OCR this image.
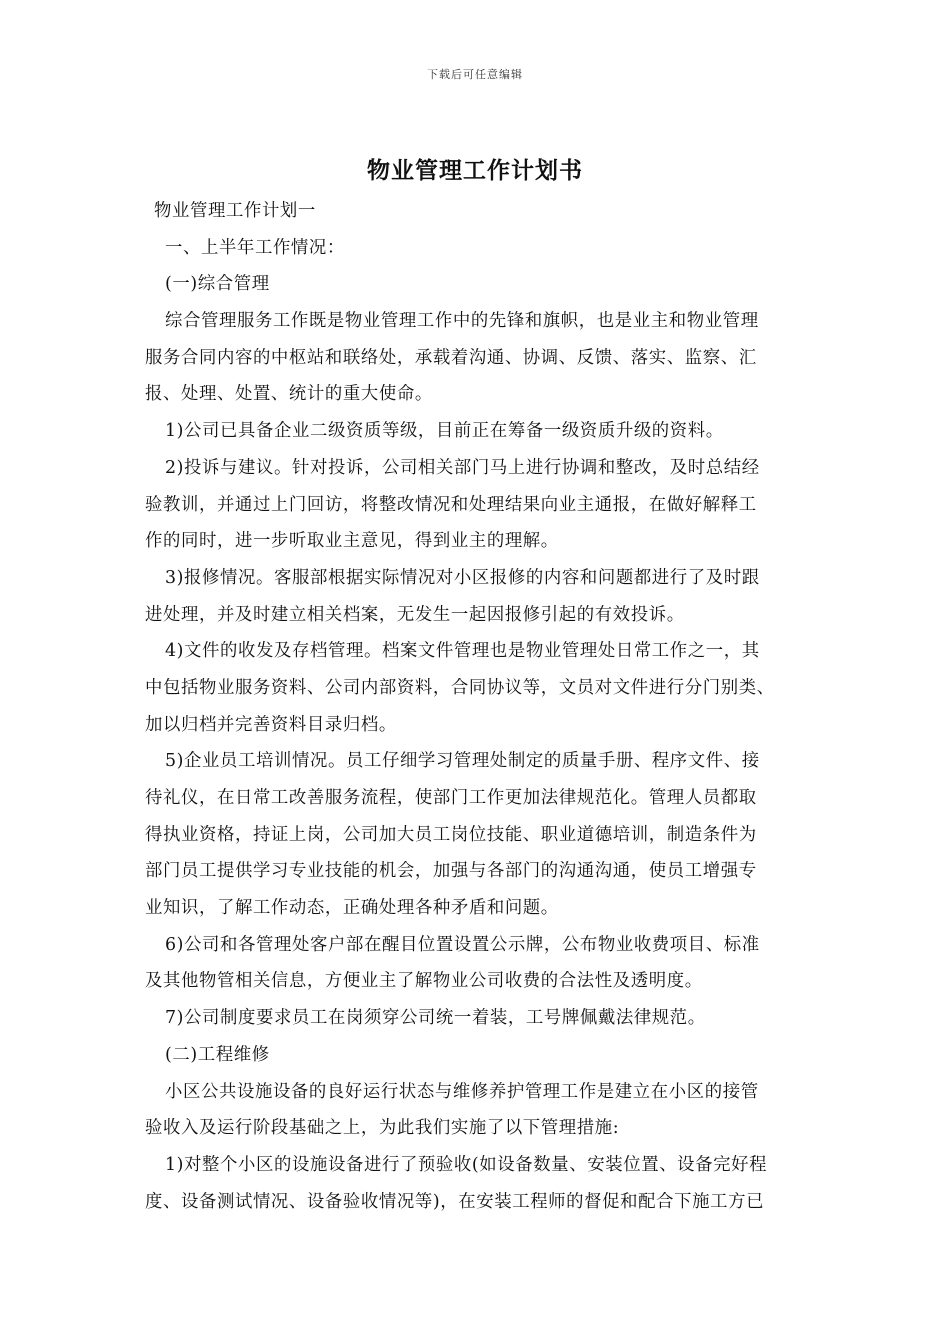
下载后可任意编辑
物业管理工作计划书
物业管理工作计划一
一、上半年工作情况：
(一)综合管理
综合管理服务工作既是物业管理工作中的先锋和旗帜，也是业主和物业管理
服务合同内容的中枢站和联络处，承载着沟通、协调、反馈、落实、监察、汇
报、处理、处置、统计的重大使命。
1)公司已具备企业二级资质等级，目前正在筹备一级资质升级的资料。
2)投诉与建议。针对投诉，公司相关部门马上进行协调和整改，及时总结经
验教训，并通过上门回访，将整改情况和处理结果向业主通报，在做好解释工
作的同时，进一步听取业主意见，得到业主的理解。
3)报修情况。客服部根据实际情况对小区报修的内容和问题都进行了及时跟
进处理，并及时建立相关档案，无发生一起因报修引起的有效投诉。
4)文件的收发及存档管理。档案文件管理也是物业管理处日常工作之一，其
中包括物业服务资料、公司内部资料，合同协议等，文员对文件进行分门别类、
加以归档并完善资料目录归档。
5)企业员工培训情况。员工仔细学习管理处制定的质量手册、程序文件、接
待礼仪，在日常工改善服务流程，使部门工作更加法律规范化。管理人员都取
得执业资格，持证上岗，公司加大员工岗位技能、职业道德培训，制造条件为
部门员工提供学习专业技能的机会，加强与各部门的沟通沟通，使员工增强专
业知识，了解工作动态，正确处理各种矛盾和问题。
6)公司和各管理处客户部在醒目位置设置公示牌，公布物业收费项目、标准
及其他物管相关信息，方便业主了解物业公司收费的合法性及透明度。
7)公司制度要求员工在岗须穿公司统一着装，工号牌佩戴法律规范。
(二)工程维修
小区公共设施设备的良好运行状态与维修养护管理工作是建立在小区的接管
验收入及运行阶段基础之上，为此我们实施了以下管理措施:
1)对整个小区的设施设备进行了预验收(如设备数量、安装位置、设备完好程
度、设备测试情况、设备验收情况等)，在安装工程师的督促和配合下施工方已
